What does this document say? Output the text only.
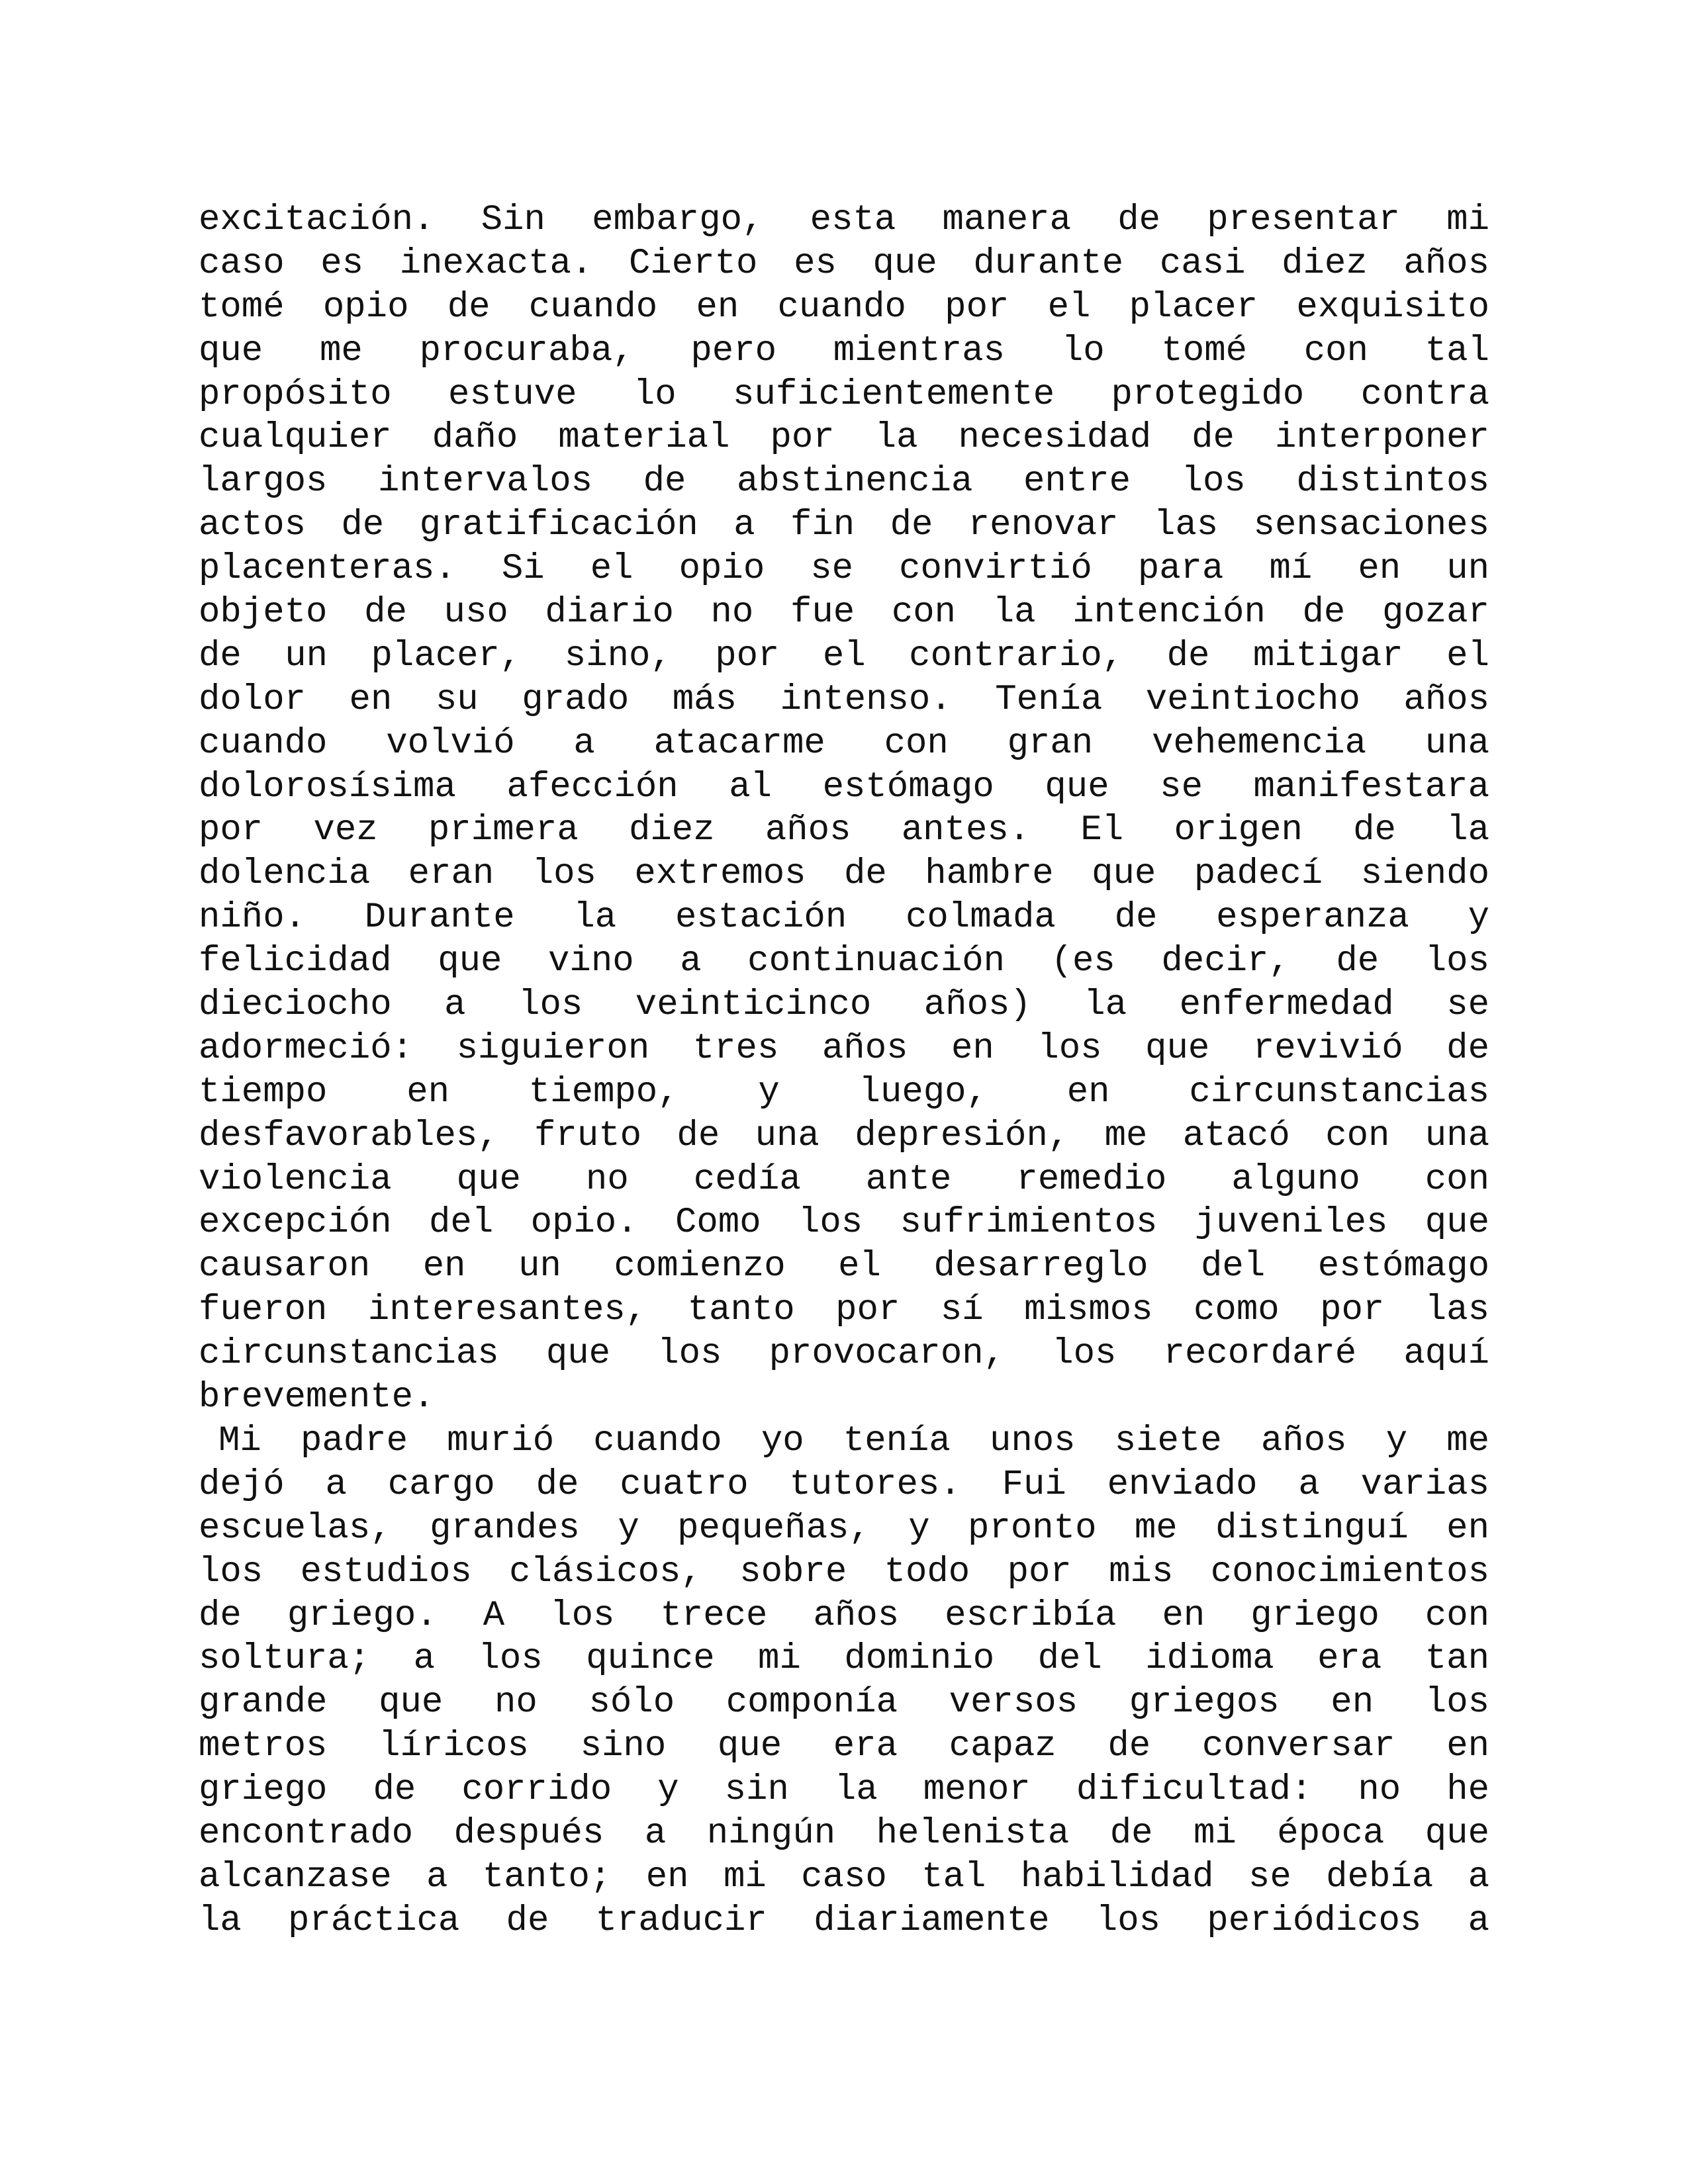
excitación. Sin embargo, esta manera de presentar mi
caso es inexacta. Cierto es que durante casi diez años
tomé opio de cuando en cuando por el placer exquisito
que me procuraba, pero mientras lo tomé con tal
propósito estuve lo suficientemente protegido contra
cualquier daño material por la necesidad de interponer
largos intervalos de abstinencia entre los distintos
actos de gratificación a fin de renovar las sensaciones
placenteras. Si el opio se convirtió para mí en un
objeto de uso diario no fue con la intención de gozar
de un placer, sino, por el contrario, de mitigar el
dolor en su grado más intenso. Tenía veintiocho años
cuando volvió a atacarme con gran vehemencia una
dolorosísima afección al estómago que se manifestara
por vez primera diez años antes. El origen de la
dolencia eran los extremos de hambre que padecí siendo
niño. Durante la estación colmada de esperanza y
felicidad que vino a continuación (es decir, de los
dieciocho a los veinticinco años) la enfermedad se
adormeció: siguieron tres años en los que revivió de
tiempo en tiempo, y luego, en circunstancias
desfavorables, fruto de una depresión, me atacó con una
violencia que no cedía ante remedio alguno con
excepción del opio. Como los sufrimientos juveniles que
causaron en un comienzo el desarreglo del estómago
fueron interesantes, tanto por sí mismos como por las
circunstancias que los provocaron, los recordaré aquí
brevemente.
Mi padre murió cuando yo tenía unos siete años y me
dejó a cargo de cuatro tutores. Fui enviado a varias
escuelas, grandes y pequeñas, y pronto me distinguí en
los estudios clásicos, sobre todo por mis conocimientos
de griego. A los trece años escribía en griego con
soltura; a los quince mi dominio del idioma era tan
grande que no sólo componía versos griegos en los
metros líricos sino que era capaz de conversar en
griego de corrido y sin la menor dificultad: no he
encontrado después a ningún helenista de mi época que
alcanzase a tanto; en mi caso tal habilidad se debía a
la práctica de traducir diariamente los periódicos a
